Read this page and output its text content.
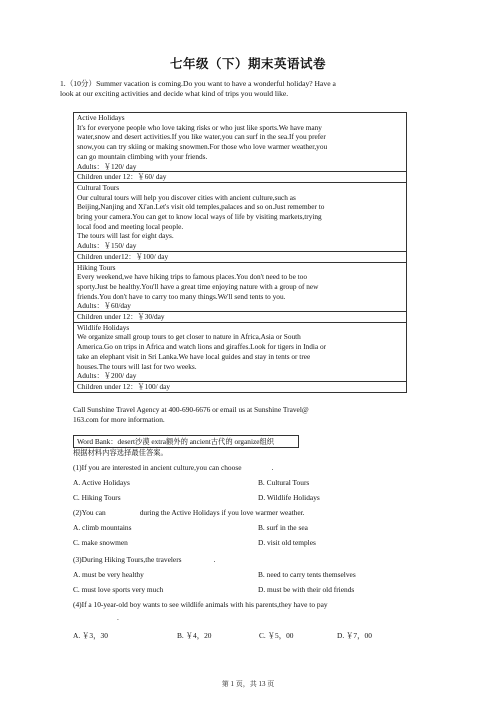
七年级（下）期末英语试卷

1.（10分）Summer vacation is coming.Do you want to have a wonderful holiday? Have a

look at our exciting activities and decide what kind of trips you would like.

Active Holidays

It's for everyone people who love taking risks or who just like sports.We have many

water,snow and desert activities.If you like water,you can surf in the sea.If you prefer

snow,you can try skiing or making snowmen.For those who love warmer weather,you

can go mountain climbing with your friends.

Adults：￥120/ day

Children under 12：￥60/ day

Cultural Tours

Our cultural tours will help you discover cities with ancient culture,such as

Beijing,Nanjing and Xi'an.Let's visit old temples,palaces and so on.Just remember to

bring your camera.You can get to know local ways of life by visiting markets,trying

local food and meeting local people.

The tours will last for eight days.

Adults：￥150/ day

Children under12：￥100/ day

Hiking Tours

Every weekend,we have hiking trips to famous places.You don't need to be too

sporty.Just be healthy.You'll have a great time enjoying nature with a group of new

friends.You don't have to carry too many things.We'll send tents to you.

Adults：￥60/day

Children under 12：￥30/day

Wildlife Holidays

We organize small group tours to get closer to nature in Africa,Asia or South

America.Go on trips in Africa and watch lions and giraffes.Look for tigers in India or

take an elephant visit in Sri Lanka.We have local guides and stay in tents or tree

houses.The tours will last for two weeks.

Adults：￥200/ day

Children under 12：￥100/ day

Call Sunshine Travel Agency at 400-690-6676 or email us at Sunshine Travel@

163.com for more information.

Word Bank：desert沙漠 extra额外的 ancient古代的 organize组织
根据材料内容选择最佳答案。
(1)If you are interested in ancient culture,you can choose	.
A. Active Holidays	B. Cultural Tours
C. Hiking Tours	D. Wildlife Holidays
(2)You can	during the Active Holidays if you love warmer weather.
A. climb mountains	B. surf in the sea
C. make snowmen	D. visit old temples
(3)During Hiking Tours,the travelers	.
A. must be very healthy	B. need to carry tents themselves
C. must love sports very much	D. must be with their old friends
(4)If a 10-year-old boy wants to see wildlife animals with his parents,they have to pay
.
A. ￥3，30	B. ￥4，20	C. ￥5，00	D. ￥7，00
第 1 页，共 13 页
